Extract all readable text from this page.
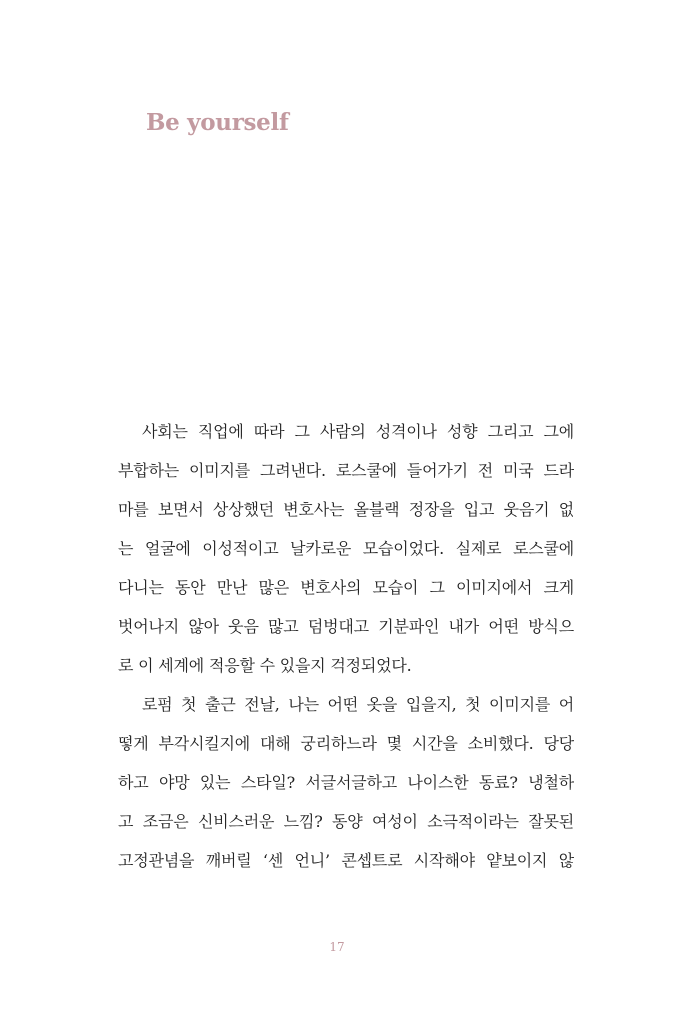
Be yourself
사회는 직업에 따라 그 사람의 성격이나 성향 그리고 그에
부합하는 이미지를 그려낸다. 로스쿨에 들어가기 전 미국 드라
마를 보면서 상상했던 변호사는 올블랙 정장을 입고 웃음기 없
는 얼굴에 이성적이고 날카로운 모습이었다. 실제로 로스쿨에
다니는 동안 만난 많은 변호사의 모습이 그 이미지에서 크게
벗어나지 않아 웃음 많고 덤벙대고 기분파인 내가 어떤 방식으
로 이 세계에 적응할 수 있을지 걱정되었다.
로펌 첫 출근 전날, 나는 어떤 옷을 입을지, 첫 이미지를 어
떻게 부각시킬지에 대해 궁리하느라 몇 시간을 소비했다. 당당
하고 야망 있는 스타일? 서글서글하고 나이스한 동료? 냉철하
고 조금은 신비스러운 느낌? 동양 여성이 소극적이라는 잘못된
고정관념을 깨버릴 ‘센 언니’ 콘셉트로 시작해야 얕보이지 않
17
